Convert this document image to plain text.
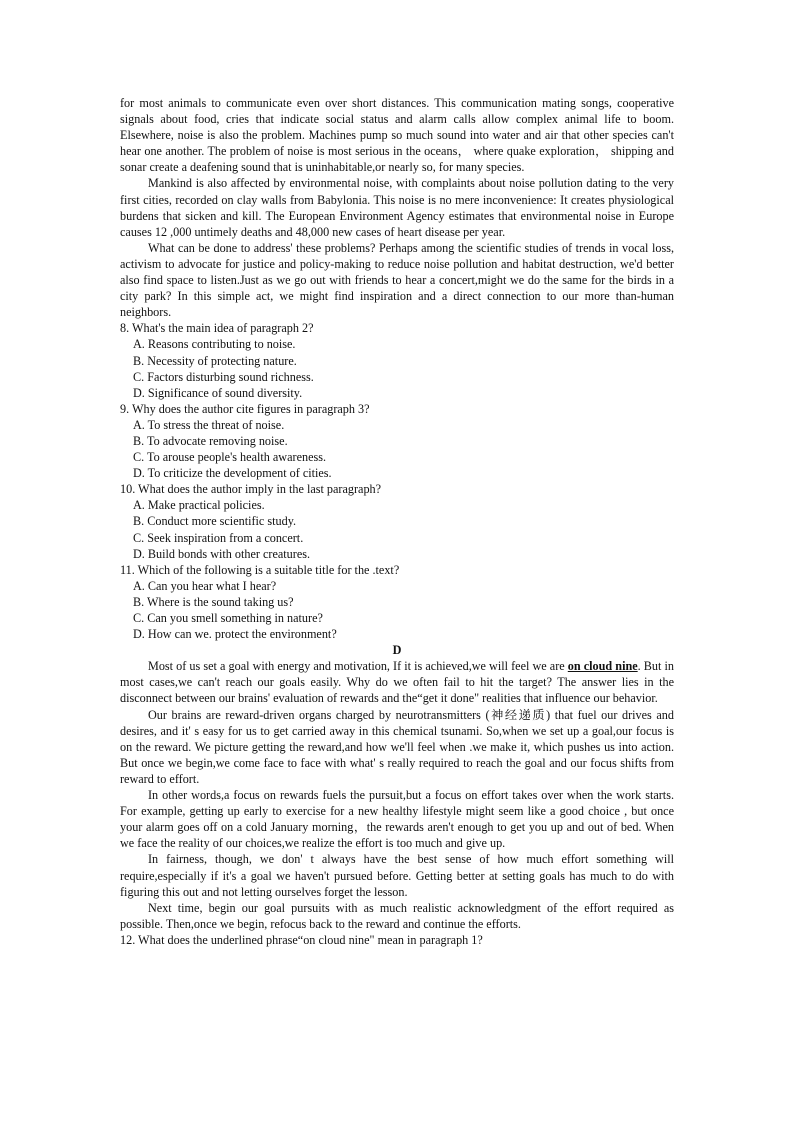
for most animals to communicate even over short distances. This communication mating songs, cooperative signals about food, cries that indicate social status and alarm calls allow complex animal life to boom. Elsewhere, noise is also the problem. Machines pump so much sound into water and air that other species can't hear one another. The problem of noise is most serious in the oceans， where quake exploration， shipping and sonar create a deafening sound that is uninhabitable,or nearly so, for many species.

Mankind is also affected by environmental noise, with complaints about noise pollution dating to the very first cities, recorded on clay walls from Babylonia. This noise is no mere inconvenience: It creates physiological burdens that sicken and kill. The European Environment Agency estimates that environmental noise in Europe causes 12 ,000 untimely deaths and 48,000 new cases of heart disease per year.

What can be done to address' these problems? Perhaps among the scientific studies of trends in vocal loss, activism to advocate for justice and policy-making to reduce noise pollution and habitat destruction, we'd better also find space to listen.Just as we go out with friends to hear a concert,might we do the same for the birds in a city park? In this simple act, we might find inspiration and a direct connection to our more than-human neighbors.

8. What's the main idea of paragraph 2?

A. Reasons contributing to noise.

B. Necessity of protecting nature.

C. Factors disturbing sound richness.

D. Significance of sound diversity.

9. Why does the author cite figures in paragraph 3?

A. To stress the threat of noise.

B. To advocate removing noise.

C. To arouse people's health awareness.

D. To criticize the development of cities.

10. What does the author imply in the last paragraph?

A. Make practical policies.

B. Conduct more scientific study.

C. Seek inspiration from a concert.

D. Build bonds with other creatures.

11. Which of the following is a suitable title for the .text?

A. Can you hear what I hear?

B. Where is the sound taking us?

C. Can you smell something in nature?

D. How can we. protect the environment?

D

Most of us set a goal with energy and motivation, If it is achieved,we will feel we are on cloud nine. But in most cases,we can't reach our goals easily. Why do we often fail to hit the target? The answer lies in the disconnect between our brains' evaluation of rewards and the“get it done" realities that influence our behavior.

Our brains are reward-driven organs charged by neurotransmitters (神经递质) that fuel our drives and desires, and it' s easy for us to get carried away in this chemical tsunami. So,when we set up a goal,our focus is on the reward. We picture getting the reward,and how we'll feel when .we make it, which pushes us into action. But once we begin,we come face to face with what' s really required to reach the goal and our focus shifts from reward to effort.

In other words,a focus on rewards fuels the pursuit,but a focus on effort takes over when the work starts. For example, getting up early to exercise for a new healthy lifestyle might seem like a good choice , but once your alarm goes off on a cold January morning，the rewards aren't enough to get you up and out of bed. When we face the reality of our choices,we realize the effort is too much and give up.

In fairness, though, we don' t always have the best sense of how much effort something will require,especially if it's a goal we haven't pursued before. Getting better at setting goals has much to do with figuring this out and not letting ourselves forget the lesson.

Next time, begin our goal pursuits with as much realistic acknowledgment of the effort required as possible. Then,once we begin, refocus back to the reward and continue the efforts.

12. What does the underlined phrase“on cloud nine" mean in paragraph 1?
